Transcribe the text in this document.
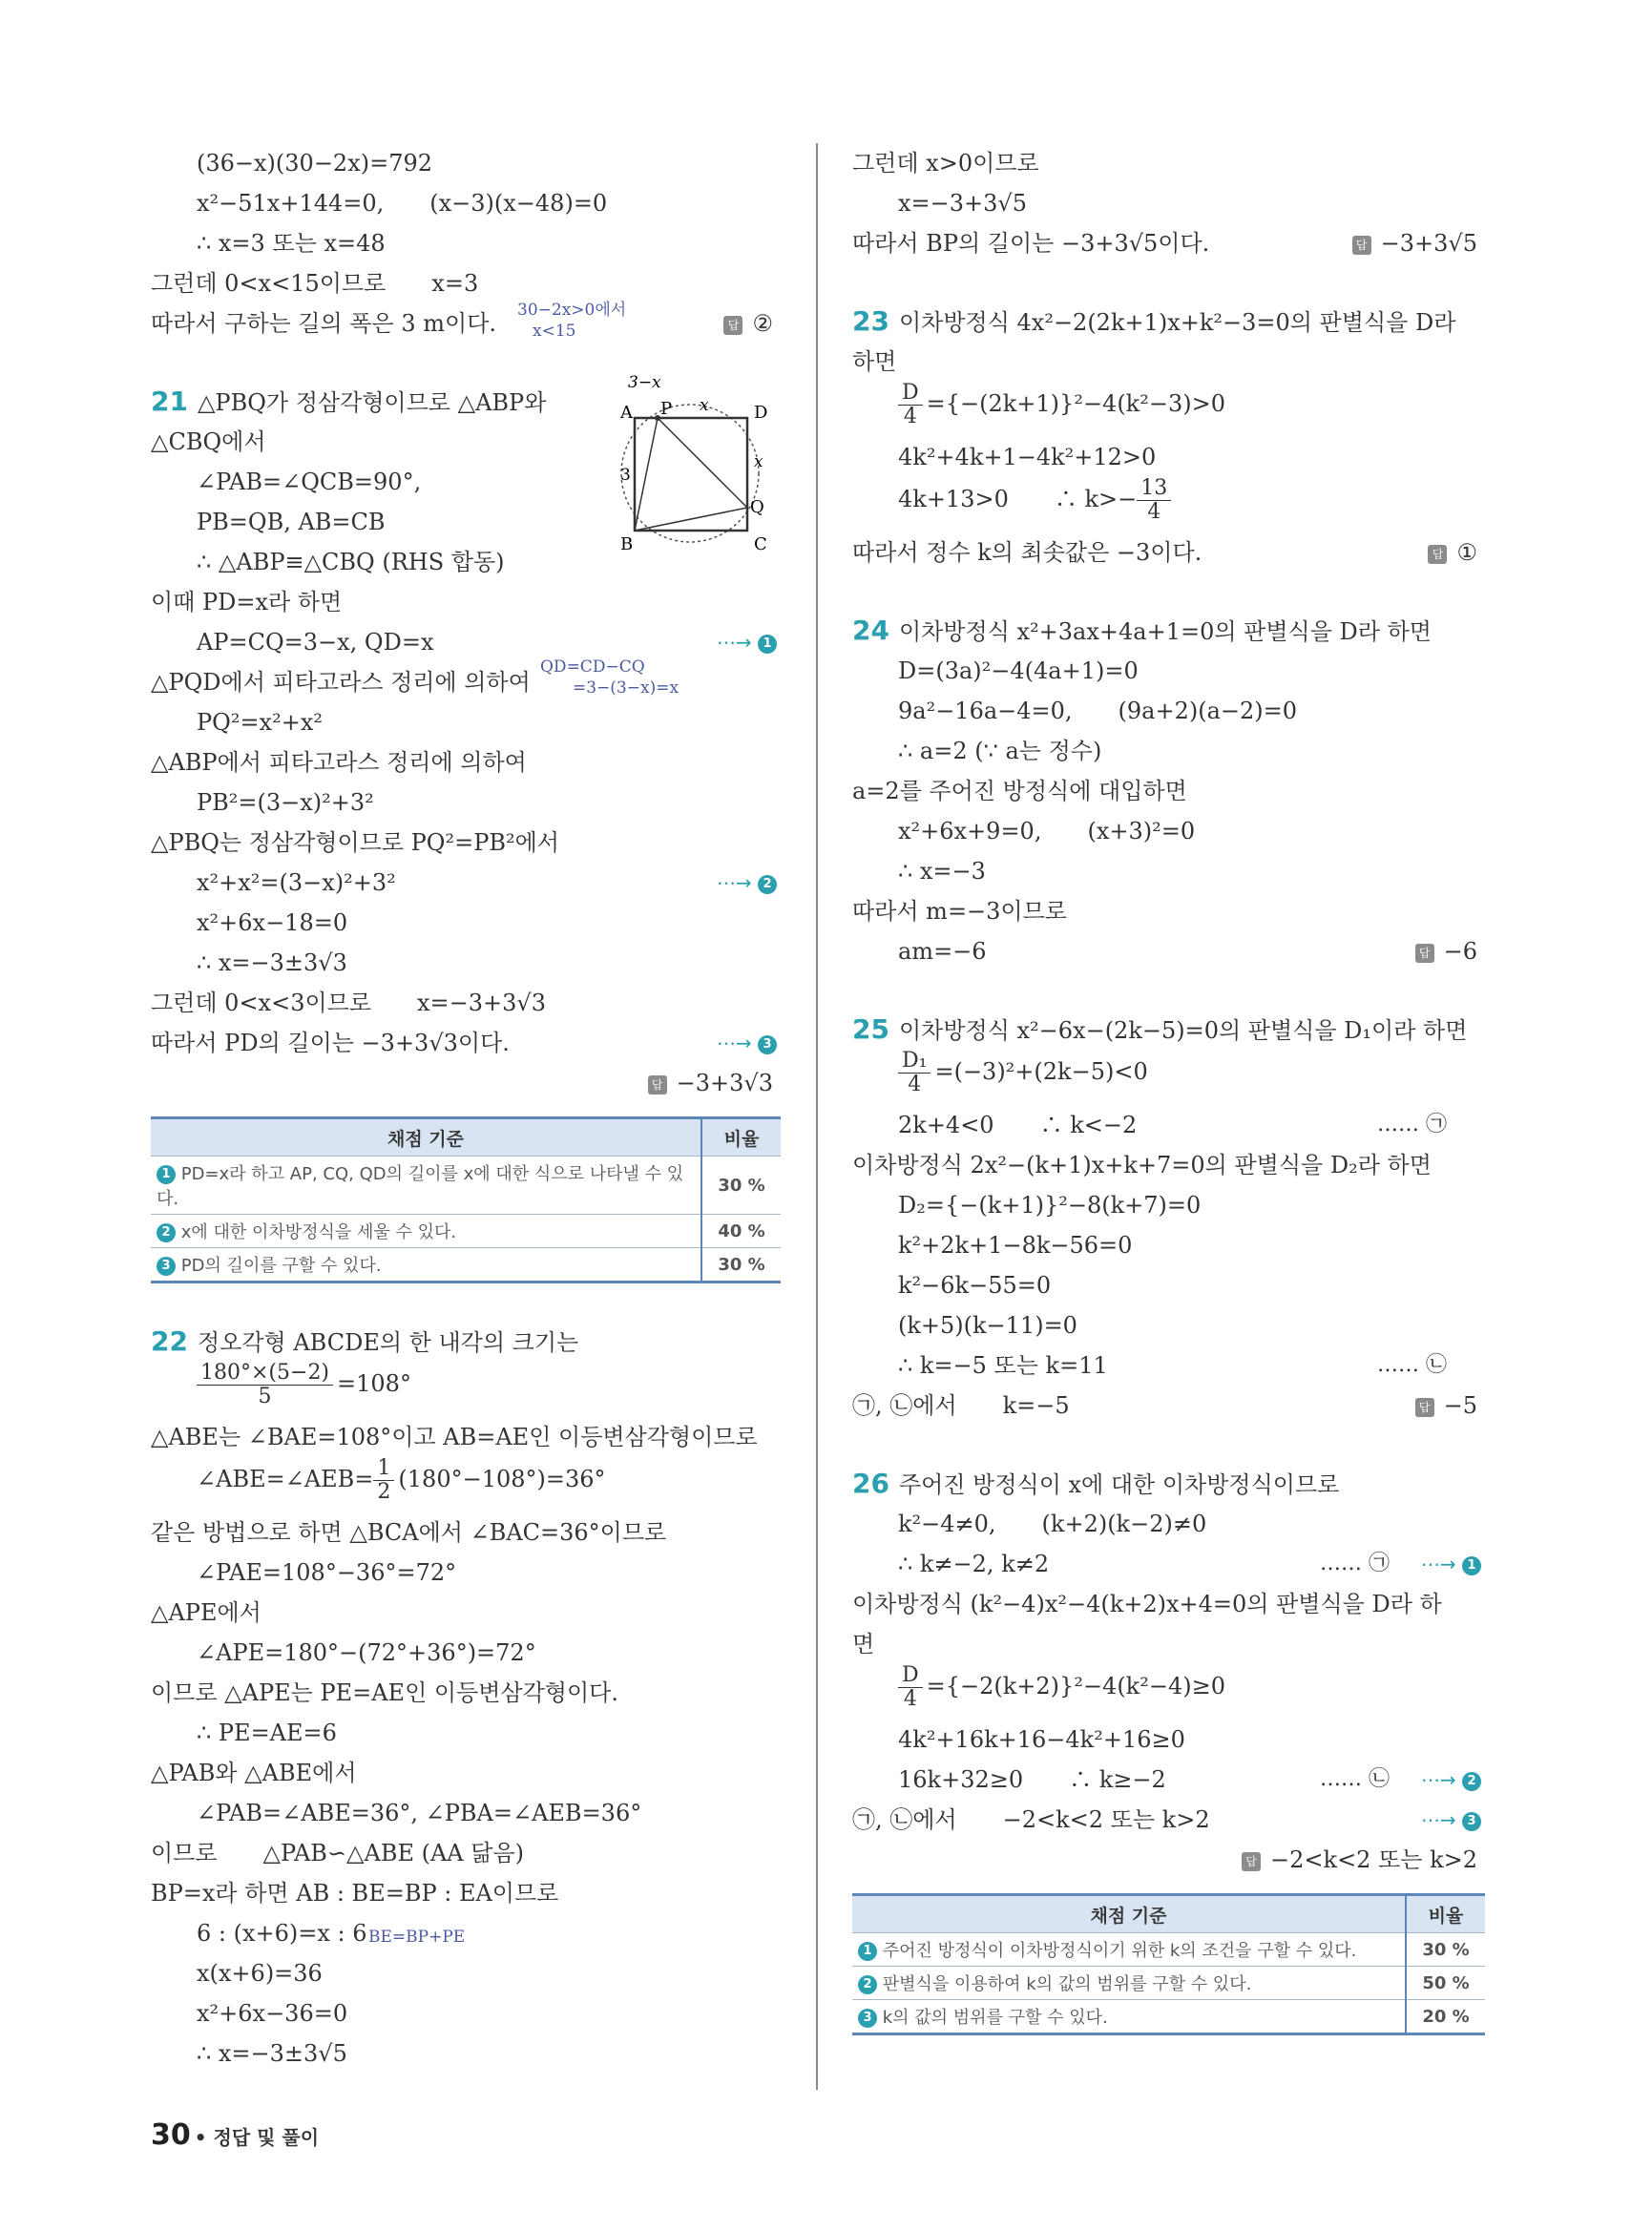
(36−x)(30−2x)=792
x²−51x+144=0,　　(x−3)(x−48)=0
∴ x=3 또는 x=48
그런데 0<x<15이므로　　x=3
따라서 구하는 길의 폭은 3 m이다. 30−2x>0에서
x<15	답 ②
21 △PBQ가 정삼각형이므로 △ABP와
△CBQ에서
∠PAB=∠QCB=90°,
PB=QB, AB=CB
∴ △ABP≡△CBQ (RHS 합동)
이때 PD=x라 하면
AP=CQ=3−x, QD=x	⋯→ 1
△PQD에서 피타고라스 정리에 의하여
QD=CD−CQ
=3−(3−x)=x
PQ²=x²+x²
△ABP에서 피타고라스 정리에 의하여
PB²=(3−x)²+3²
△PBQ는 정삼각형이므로 PQ²=PB²에서
x²+x²=(3−x)²+3²	⋯→ 2
x²+6x−18=0
∴ x=−3±3√3
그런데 0<x<3이므로　　x=−3+3√3
따라서 PD의 길이는 −3+3√3이다.	⋯→ 3
답 −3+3√3
채점 기준	비율
1 PD=x라 하고 AP, CQ, QD의 길이를 x에 대한 식으로 나타낼 수 있다.	30 %
2 x에 대한 이차방정식을 세울 수 있다.	40 %
3 PD의 길이를 구할 수 있다.	30 %
22 정오각형 ABCDE의 한 내각의 크기는
$\frac{180^\circ\times(5-2)}{5} =108^\circ$
△ABE는 ∠BAE=108°이고 AB=AE인 이등변삼각형이므로
∠ABE=∠AEB= $\frac{1}{2} (180^\circ-108^\circ)=36^\circ$
같은 방법으로 하면 △BCA에서 ∠BAC=36°이므로
∠PAE=108°−36°=72°
△APE에서
∠APE=180°−(72°+36°)=72°
이므로 △APE는 PE=AE인 이등변삼각형이다.
∴ PE=AE=6
△PAB와 △ABE에서
∠PAB=∠ABE=36°, ∠PBA=∠AEB=36°
이므로　　△PAB∽△ABE (AA 닮음)
BP=x라 하면 AB : BE=BP : EA이므로
6 : (x+6)=x : 6 BE=BP+PE
x(x+6)=36
x²+6x−36=0
∴ x=−3±3√5
A
B	C
D
P
Q
3−x
x
x
3
그런데 x>0이므로
x=−3+3√5
따라서 BP의 길이는 −3+3√5이다.	답 −3+3√5
23 이차방정식 4x²−2(2k+1)x+k²−3=0의 판별식을 D라
하면
$\frac{D}{4} =\{-(2k+1)\}^2-4(k^2-3)>0$
4k²+4k+1−4k²+12>0
4k+13>0　　∴ $k>- \frac{13}{4}$
따라서 정수 k의 최솟값은 −3이다.	답 ①
24 이차방정식 x²+3ax+4a+1=0의 판별식을 D라 하면
D=(3a)²−4(4a+1)=0
9a²−16a−4=0,　　(9a+2)(a−2)=0
∴ a=2 (∵ a는 정수)
a=2를 주어진 방정식에 대입하면
x²+6x+9=0,　　(x+3)²=0
∴ x=−3
따라서 m=−3이므로
am=−6	답 −6
25 이차방정식 x²−6x−(2k−5)=0의 판별식을 D₁이라 하면
$\frac{\text{D₁}}{4} =(-3)^2+(2k-5)<0$
2k+4<0　　∴ k<−2	…… ㉠
이차방정식 2x²−(k+1)x+k+7=0의 판별식을 D₂라 하면
D₂={−(k+1)}²−8(k+7)=0
k²+2k+1−8k−56=0
k²−6k−55=0
(k+5)(k−11)=0
∴ k=−5 또는 k=11	…… ㉡
㉠, ㉡에서　　k=−5	답 −5
26 주어진 방정식이 x에 대한 이차방정식이므로
k²−4≠0,　　(k+2)(k−2)≠0
∴ k≠−2, k≠2	…… ㉠ ⋯→ 1
이차방정식 (k²−4)x²−4(k+2)x+4=0의 판별식을 D라 하
면
$\frac{D}{4} =\{-2(k+2)\}^2-4(k^2-4)\ge 0$
4k²+16k+16−4k²+16≥0
16k+32≥0　　∴ k≥−2	…… ㉡ ⋯→ 2
㉠, ㉡에서　　−2<k<2 또는 k>2	⋯→ 3
답 −2<k<2 또는 k>2
채점 기준	비율
1 주어진 방정식이 이차방정식이기 위한 k의 조건을 구할 수 있다.	30 %
2 판별식을 이용하여 k의 값의 범위를 구할 수 있다.	50 %
3 k의 값의 범위를 구할 수 있다.	20 %
30 • 정답 및 풀이
